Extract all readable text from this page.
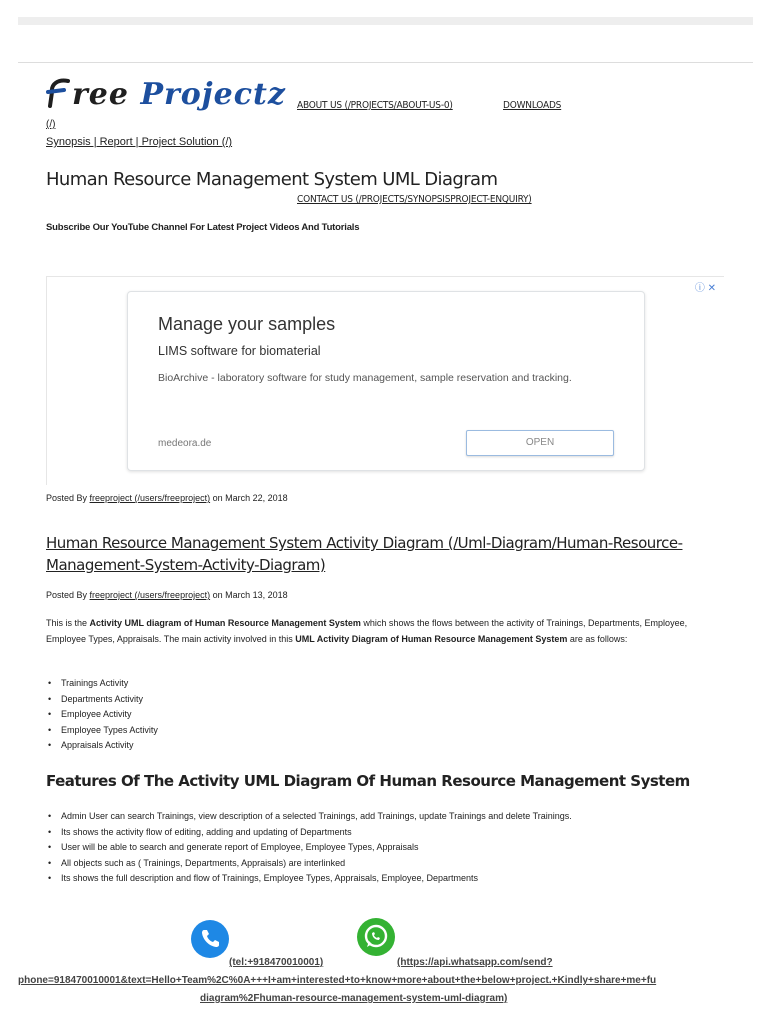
ree Projectz ABOUT US (/PROJECTS/ABOUT-US-0)	DOWNLOADS
(/)
Synopsis | Report | Project Solution (/)
Human Resource Management System UML Diagram
CONTACT US (/PROJECTS/SYNOPSISPROJECT-ENQUIRY)
Subscribe Our YouTube Channel For Latest Project Videos And Tutorials
ⓘ ✕
Manage your samples
LIMS software for biomaterial
BioArchive - laboratory software for study management, sample reservation and tracking.
medeora.de	OPEN
Posted By freeproject (/users/freeproject) on March 22, 2018
Human Resource Management System Activity Diagram (/Uml-Diagram/Human-Resource-Management-System-Activity-Diagram)
Posted By freeproject (/users/freeproject) on March 13, 2018

This is the Activity UML diagram of Human Resource Management System which shows the flows between the activity of Trainings, Departments, Employee, Employee Types, Appraisals. The main activity involved in this UML Activity Diagram of Human Resource Management System are as follows:

• Trainings Activity
• Departments Activity
• Employee Activity
• Employee Types Activity
• Appraisals Activity
Features Of The Activity UML Diagram Of Human Resource Management System
• Admin User can search Trainings, view description of a selected Trainings, add Trainings, update Trainings and delete Trainings.
• Its shows the activity flow of editing, adding and updating of Departments
• User will be able to search and generate report of Employee, Employee Types, Appraisals
• All objects such as ( Trainings, Departments, Appraisals) are interlinked
• Its shows the full description and flow of Trainings, Employee Types, Appraisals, Employee, Departments
(tel:+918470010001)	(https://api.whatsapp.com/send?
phone=918470010001&text=Hello+Team%2C%0A+++I+am+interested+to+know+more+about+the+below+project.+Kindly+share+me+fu
diagram%2Fhuman-resource-management-system-uml-diagram)
